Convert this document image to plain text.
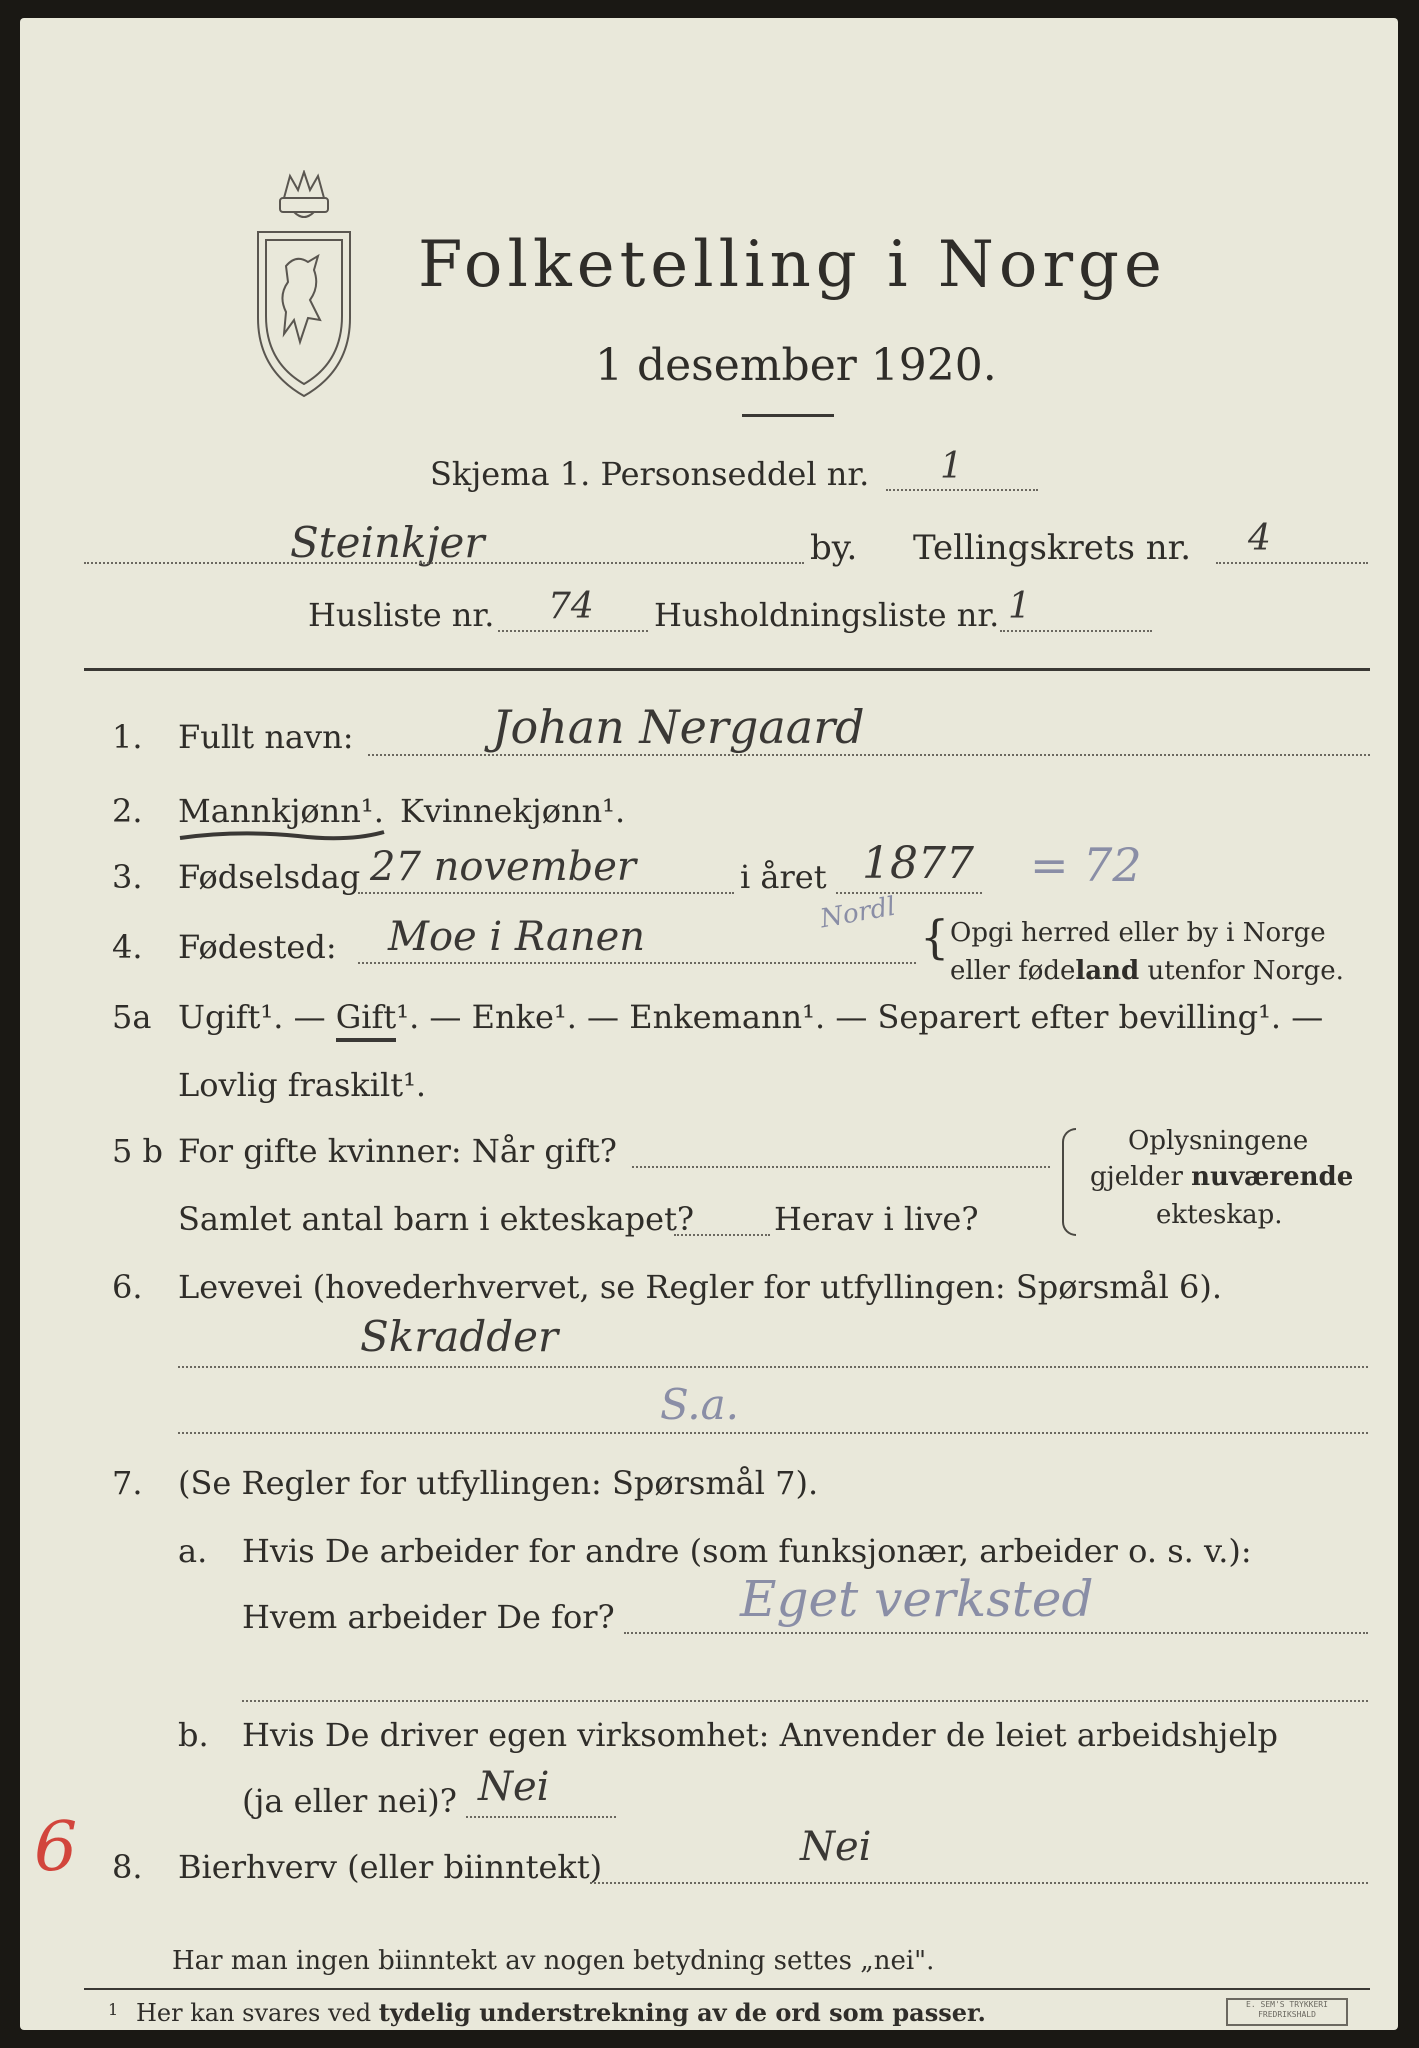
Folketelling i Norge
1 desember 1920.
Skjema 1. Personseddel nr. 1
Steinkjer	by. Tellingskrets nr. 4
Husliste nr. 74 Husholdningsliste nr. 1
1. Fullt navn:	Johan Nergaard
2. Mannkjønn¹. Kvinnekjønn¹.
3. Fødselsdag 27 november	i året 1877 = 72
4. Fødested: Moe i Ranen
Nordl { Opgi herred eller by i Norge
eller fødeland utenfor Norge.
5a Ugift¹. — Gift¹. — Enke¹. — Enkemann¹. — Separert efter bevilling¹. —
Lovlig fraskilt¹.
5 b For gifte kvinner: Når gift?
Samlet antal barn i ekteskapet? Herav i live?
Oplysningene
gjelder nuværende
ekteskap.
6. Levevei (hovederhvervet, se Regler for utfyllingen: Spørsmål 6).
Skradder
S.a.
7. (Se Regler for utfyllingen: Spørsmål 7).
a. Hvis De arbeider for andre (som funksjonær, arbeider o. s. v.):
Hvem arbeider De for?	Eget verksted
b. Hvis De driver egen virksomhet: Anvender de leiet arbeidshjelp
(ja eller nei)? Nei
6 8. Bierhverv (eller biinntekt)	Nei
Har man ingen biinntekt av nogen betydning settes „nei".
1 Her kan svares ved tydelig understrekning av de ord som passer.	E. SEM'S TRYKKERI
FREDRIKSHALD
